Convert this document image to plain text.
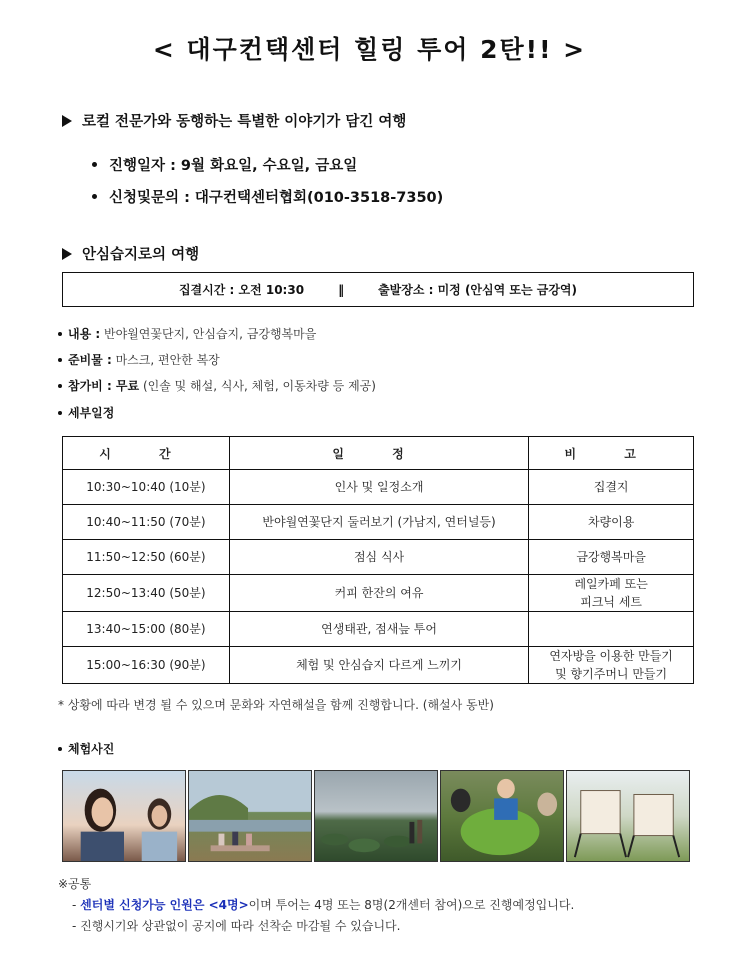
< 대구컨택센터 힐링 투어 2탄!! >
로컬 전문가와 동행하는 특별한 이야기가 담긴 여행
진행일자 : 9월 화요일, 수요일, 금요일
신청및문의 : 대구컨택센터협회(010-3518-7350)
안심습지로의 여행
집결시간 : 오전 10:30	‖	출발장소 : 미정 (안심역 또는 금강역)
내용 : 반야월연꽃단지, 안심습지, 금강행복마을
준비물 : 마스크, 편안한 복장
참가비 : 무료 (인솔 및 해설, 식사, 체험, 이동차량 등 제공)
세부일정
시 간	일 정	비 고
10:30~10:40 (10분)	인사 및 일정소개	집결지
10:40~11:50 (70분)	반야월연꽃단지 둘러보기 (가남지, 연터널등)	차량이용
11:50~12:50 (60분)	점심 식사	금강행복마을
12:50~13:40 (50분)	커피 한잔의 여유	레일카페 또는
피크닉 세트
13:40~15:00 (80분)	연생태관, 점새늪 투어	
15:00~16:30 (90분)	체험 및 안심습지 다르게 느끼기	연자방을 이용한 만들기
및 향기주머니 만들기
* 상황에 따라 변경 될 수 있으며 문화와 자연해설을 함께 진행합니다. (해설사 동반)
체험사진
※공통
- 센터별 신청가능 인원은 <4명>이며 투어는 4명 또는 8명(2개센터 참여)으로 진행예정입니다.
- 진행시기와 상관없이 공지에 따라 선착순 마감될 수 있습니다.
